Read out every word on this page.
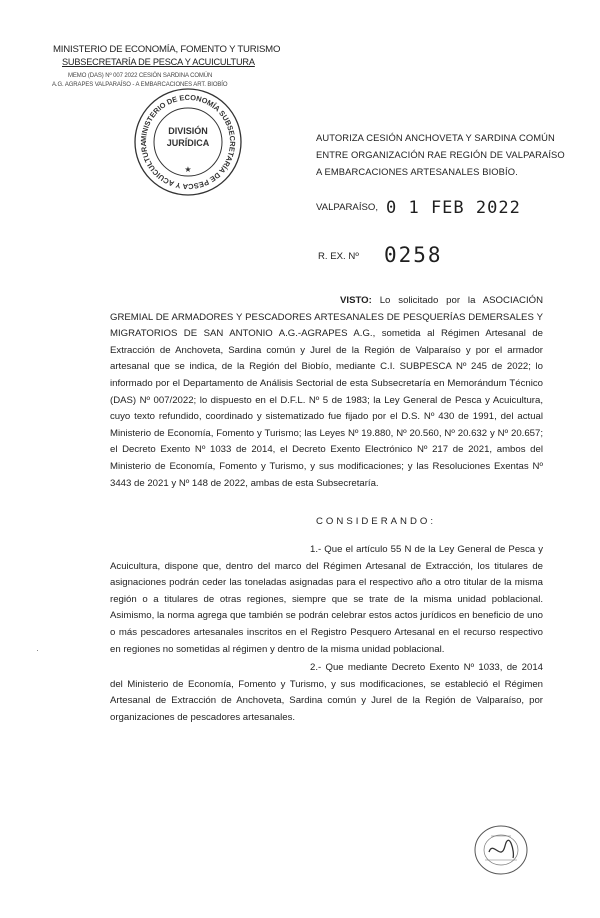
MINISTERIO DE ECONOMÍA, FOMENTO Y TURISMO
SUBSECRETARÍA DE PESCA Y ACUICULTURA
MEMO (DAS) Nº 007 2022 CESIÓN SARDINA COMÚN
A.G. AGRAPES VALPARAÍSO - A EMBARCACIONES ART. BIOBÍO
MINISTERIO DE ECONOMÍA SUBSECRETARÍA DE PESCA Y ACUICULTURA
DIVISIÓN
JURÍDICA
★
AUTORIZA CESIÓN ANCHOVETA Y SARDINA COMÚN ENTRE ORGANIZACIÓN RAE REGIÓN DE VALPARAÍSO A EMBARCACIONES ARTESANALES BIOBÍO.
VALPARAÍSO, 0 1 FEB 2022
R. EX. Nº 0258
VISTO: Lo solicitado por la ASOCIACIÓN GREMIAL DE ARMADORES Y PESCADORES ARTESANALES DE PESQUERÍAS DEMERSALES Y MIGRATORIOS DE SAN ANTONIO A.G.-AGRAPES A.G., sometida al Régimen Artesanal de Extracción de Anchoveta, Sardina común y Jurel de la Región de Valparaíso y por el armador artesanal que se indica, de la Región del Biobío, mediante C.I. SUBPESCA Nº 245 de 2022; lo informado por el Departamento de Análisis Sectorial de esta Subsecretaría en Memorándum Técnico (DAS) Nº 007/2022; lo dispuesto en el D.F.L. Nº 5 de 1983; la Ley General de Pesca y Acuicultura, cuyo texto refundido, coordinado y sistematizado fue fijado por el D.S. Nº 430 de 1991, del actual Ministerio de Economía, Fomento y Turismo; las Leyes Nº 19.880, Nº 20.560, Nº 20.632 y Nº 20.657; el Decreto Exento Nº 1033 de 2014, el Decreto Exento Electrónico Nº 217 de 2021, ambos del Ministerio de Economía, Fomento y Turismo, y sus modificaciones; y las Resoluciones Exentas Nº 3443 de 2021 y Nº 148 de 2022, ambas de esta Subsecretaría.
CONSIDERANDO:
1.- Que el artículo 55 N de la Ley General de Pesca y Acuicultura, dispone que, dentro del marco del Régimen Artesanal de Extracción, los titulares de asignaciones podrán ceder las toneladas asignadas para el respectivo año a otro titular de la misma región o a titulares de otras regiones, siempre que se trate de la misma unidad poblacional. Asimismo, la norma agrega que también se podrán celebrar estos actos jurídicos en beneficio de uno o más pescadores artesanales inscritos en el Registro Pesquero Artesanal en el recurso respectivo en regiones no sometidas al régimen y dentro de la misma unidad poblacional.
·
2.- Que mediante Decreto Exento Nº 1033, de 2014 del Ministerio de Economía, Fomento y Turismo, y sus modificaciones, se estableció el Régimen Artesanal de Extracción de Anchoveta, Sardina común y Jurel de la Región de Valparaíso, por organizaciones de pescadores artesanales.
